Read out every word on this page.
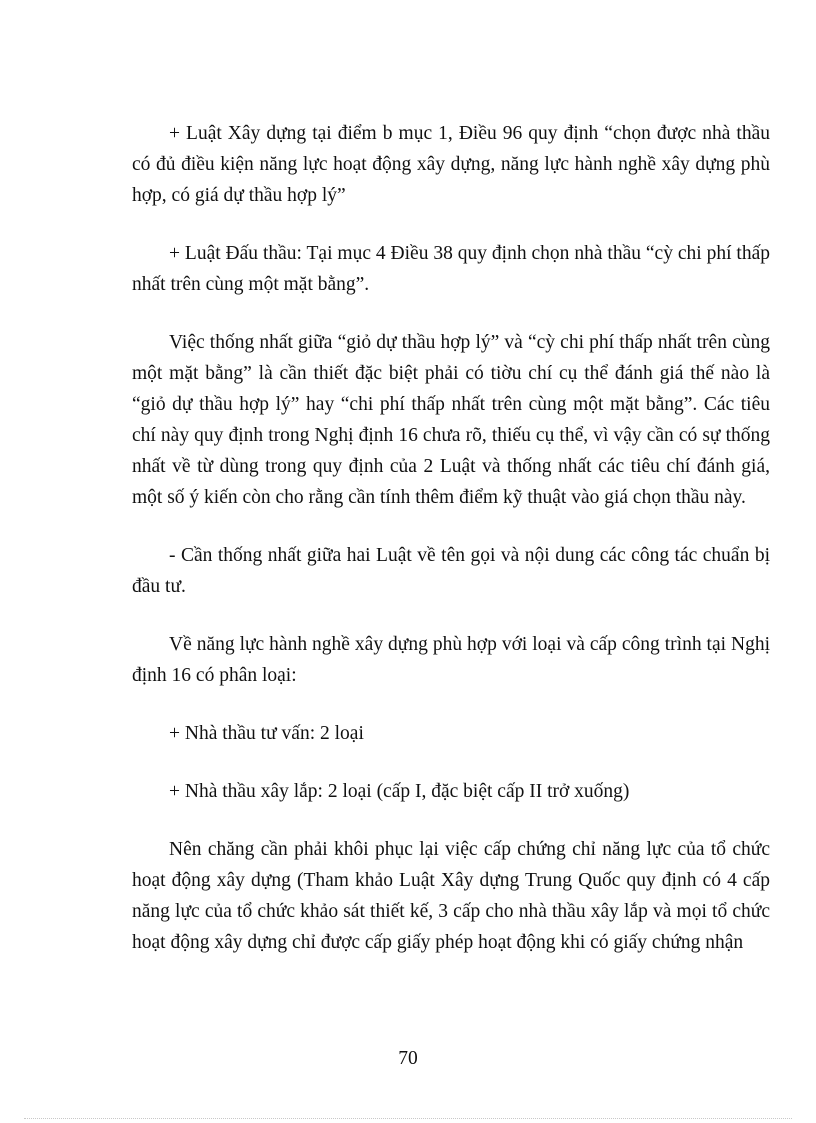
+ Luật Xây dựng tại điểm b mục 1, Điều 96 quy định “chọn được nhà thầu có đủ điều kiện năng lực hoạt động xây dựng, năng lực hành nghề xây dựng phù hợp, có giá dự thầu hợp lý”

+ Luật Đấu thầu: Tại mục 4 Điều 38 quy định chọn nhà thầu “cỳ chi phí thấp nhất trên cùng một mặt bằng”.

Việc thống nhất giữa “giỏ dự thầu hợp lý” và “cỳ chi phí thấp nhất trên cùng một mặt bằng” là cần thiết đặc biệt phải có tiờu chí cụ thể đánh giá thế nào là “giỏ dự thầu hợp lý” hay “chi phí thấp nhất trên cùng một mặt bằng”. Các tiêu chí này quy định trong Nghị định 16 chưa rõ, thiếu cụ thể, vì vậy cần có sự thống nhất về từ dùng trong quy định của 2 Luật và thống nhất các tiêu chí đánh giá, một số ý kiến còn cho rằng cần tính thêm điểm kỹ thuật vào giá chọn thầu này.

- Cần thống nhất giữa hai Luật về tên gọi và nội dung các công tác chuẩn bị đầu tư.

Về năng lực hành nghề xây dựng phù hợp với loại và cấp công trình tại Nghị định 16 có phân loại:

+ Nhà thầu tư vấn: 2 loại

+ Nhà thầu xây lắp: 2 loại (cấp I, đặc biệt cấp II trở xuống)

Nên chăng cần phải khôi phục lại việc cấp chứng chỉ năng lực của tổ chức hoạt động xây dựng (Tham khảo Luật Xây dựng Trung Quốc quy định có 4 cấp năng lực của tổ chức khảo sát thiết kế, 3 cấp cho nhà thầu xây lắp và mọi tổ chức hoạt động xây dựng chỉ được cấp giấy phép hoạt động khi có giấy chứng nhận

70
